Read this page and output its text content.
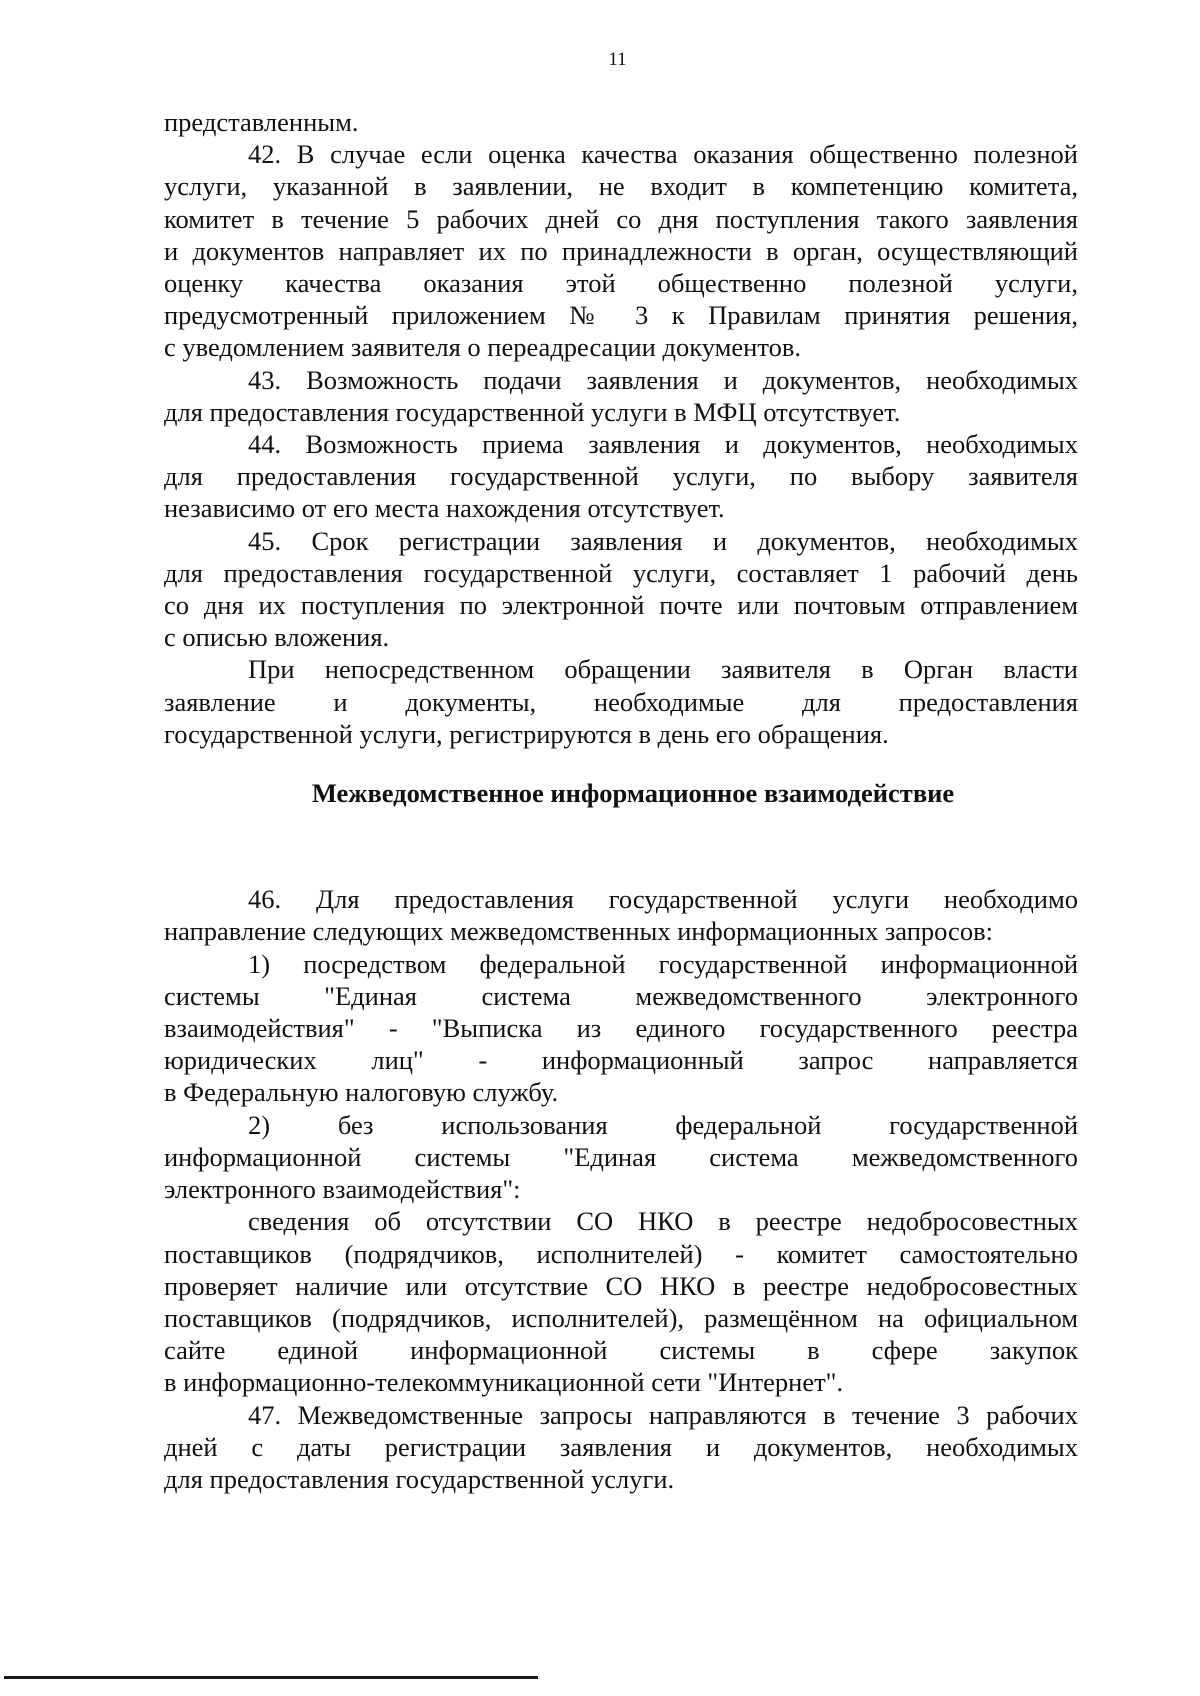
11

представленным.

42. В случае если оценка качества оказания общественно полезной

услуги, указанной в заявлении, не входит в компетенцию комитета,

комитет в течение 5 рабочих дней со дня поступления такого заявления

и документов направляет их по принадлежности в орган, осуществляющий

оценку качества оказания этой общественно полезной услуги,

предусмотренный приложением № 3 к Правилам принятия решения,

с уведомлением заявителя о переадресации документов.

43. Возможность подачи заявления и документов, необходимых

для предоставления государственной услуги в МФЦ отсутствует.

44. Возможность приема заявления и документов, необходимых

для предоставления государственной услуги, по выбору заявителя

независимо от его места нахождения отсутствует.

45. Срок регистрации заявления и документов, необходимых

для предоставления государственной услуги, составляет 1 рабочий день

со дня их поступления по электронной почте или почтовым отправлением

с описью вложения.

При непосредственном обращении заявителя в Орган власти

заявление и документы, необходимые для предоставления

государственной услуги, регистрируются в день его обращения.

Межведомственное информационное взаимодействие

46. Для предоставления государственной услуги необходимо

направление следующих межведомственных информационных запросов:

1) посредством федеральной государственной информационной

системы "Единая система межведомственного электронного

взаимодействия" - "Выписка из единого государственного реестра

юридических лиц" - информационный запрос направляется

в Федеральную налоговую службу.

2) без использования федеральной государственной

информационной системы "Единая система межведомственного

электронного взаимодействия":

сведения об отсутствии СО НКО в реестре недобросовестных

поставщиков (подрядчиков, исполнителей) - комитет самостоятельно

проверяет наличие или отсутствие СО НКО в реестре недобросовестных

поставщиков (подрядчиков, исполнителей), размещённом на официальном

сайте единой информационной системы в сфере закупок

в информационно-телекоммуникационной сети "Интернет".

47. Межведомственные запросы направляются в течение 3 рабочих

дней с даты регистрации заявления и документов, необходимых

для предоставления государственной услуги.
